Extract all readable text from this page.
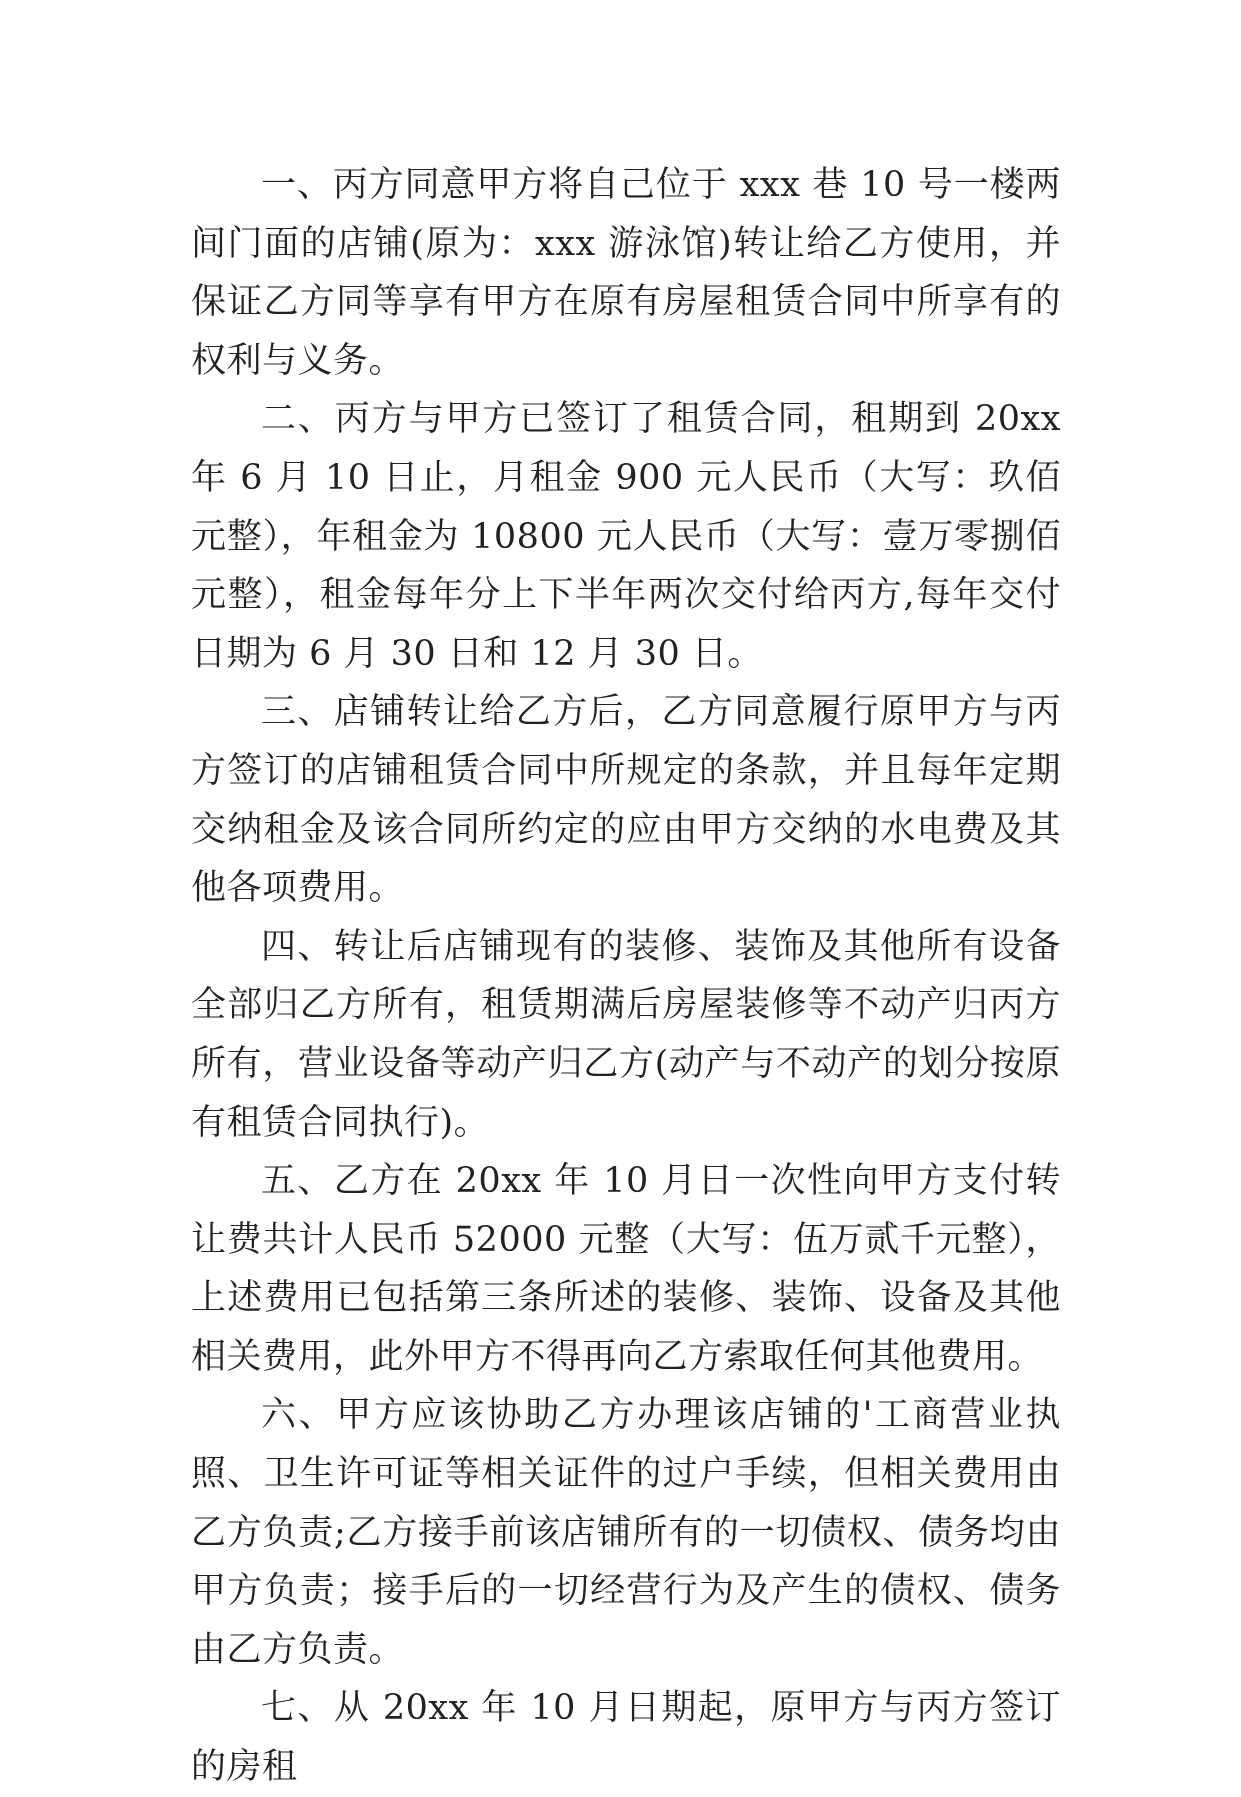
一、丙方同意甲方将自己位于 xxx 巷 10 号一楼两间门面的店铺(原为：xxx 游泳馆)转让给乙方使用，并保证乙方同等享有甲方在原有房屋租赁合同中所享有的权利与义务。

二、丙方与甲方已签订了租赁合同，租期到 20xx 年 6 月 10 日止，月租金 900 元人民币（大写：玖佰元整），年租金为 10800 元人民币（大写：壹万零捌佰元整），租金每年分上下半年两次交付给丙方,每年交付日期为 6 月 30 日和 12 月 30 日。

三、店铺转让给乙方后，乙方同意履行原甲方与丙方签订的店铺租赁合同中所规定的条款，并且每年定期交纳租金及该合同所约定的应由甲方交纳的水电费及其他各项费用。

四、转让后店铺现有的装修、装饰及其他所有设备全部归乙方所有，租赁期满后房屋装修等不动产归丙方所有，营业设备等动产归乙方(动产与不动产的划分按原有租赁合同执行)。

五、乙方在 20xx 年 10 月日一次性向甲方支付转让费共计人民币 52000 元整（大写：伍万贰千元整），上述费用已包括第三条所述的装修、装饰、设备及其他相关费用，此外甲方不得再向乙方索取任何其他费用。

六、甲方应该协助乙方办理该店铺的'工商营业执照、卫生许可证等相关证件的过户手续，但相关费用由乙方负责;乙方接手前该店铺所有的一切债权、债务均由甲方负责；接手后的一切经营行为及产生的债权、债务由乙方负责。

七、从 20xx 年 10 月日期起，原甲方与丙方签订的房租
